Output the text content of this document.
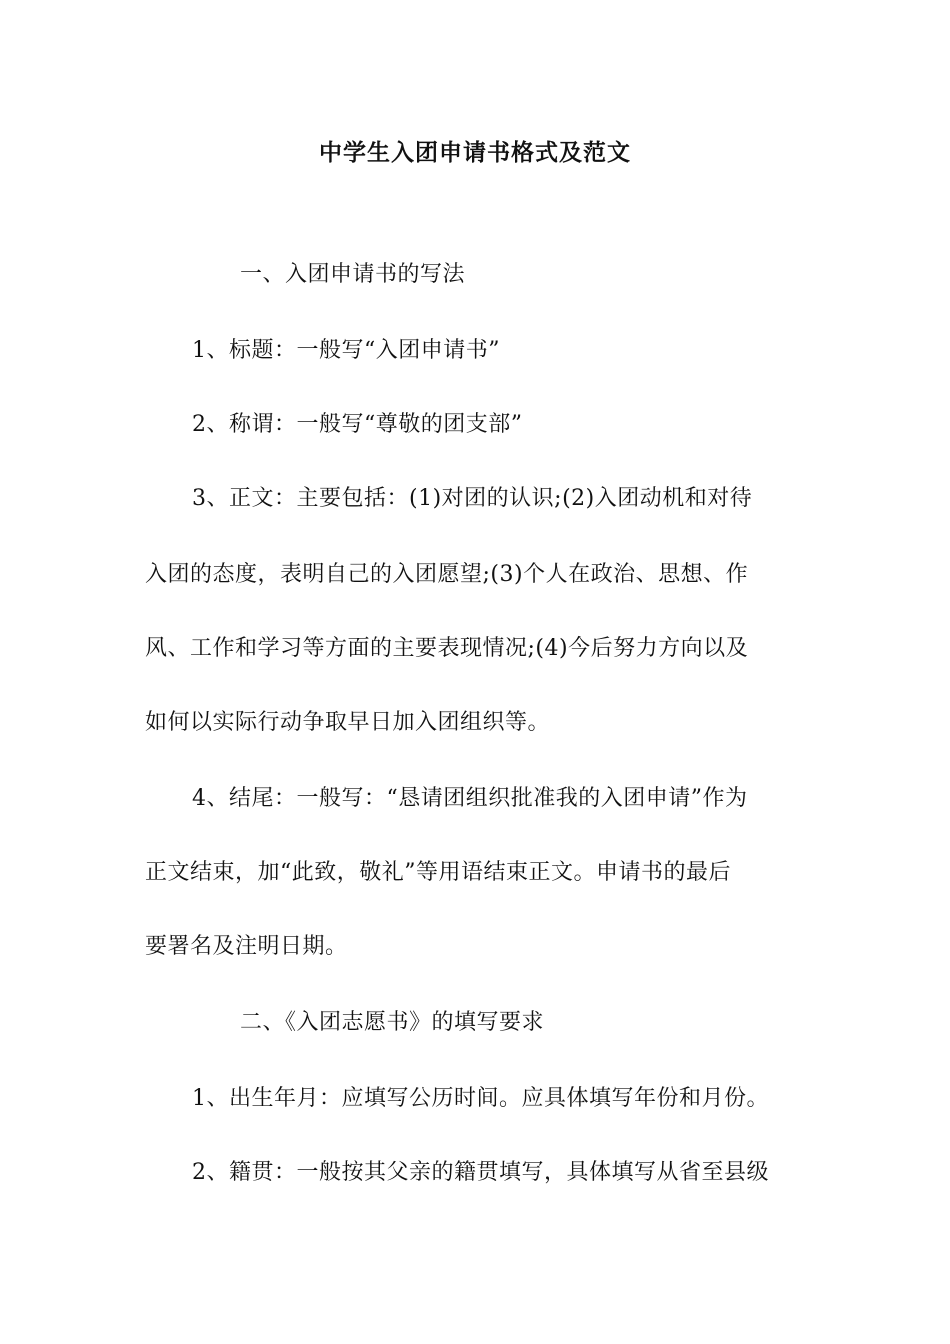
中学生入团申请书格式及范文
一、入团申请书的写法
1、标题：一般写“入团申请书”
2、称谓：一般写“尊敬的团支部”
3、正文：主要包括：(1)对团的认识;(2)入团动机和对待
入团的态度，表明自己的入团愿望;(3)个人在政治、思想、作
风、工作和学习等方面的主要表现情况;(4)今后努力方向以及
如何以实际行动争取早日加入团组织等。
4、结尾：一般写：“恳请团组织批准我的入团申请”作为
正文结束，加“此致，敬礼”等用语结束正文。申请书的最后
要署名及注明日期。
二、《入团志愿书》的填写要求
1、出生年月：应填写公历时间。应具体填写年份和月份。
2、籍贯：一般按其父亲的籍贯填写，具体填写从省至县级
